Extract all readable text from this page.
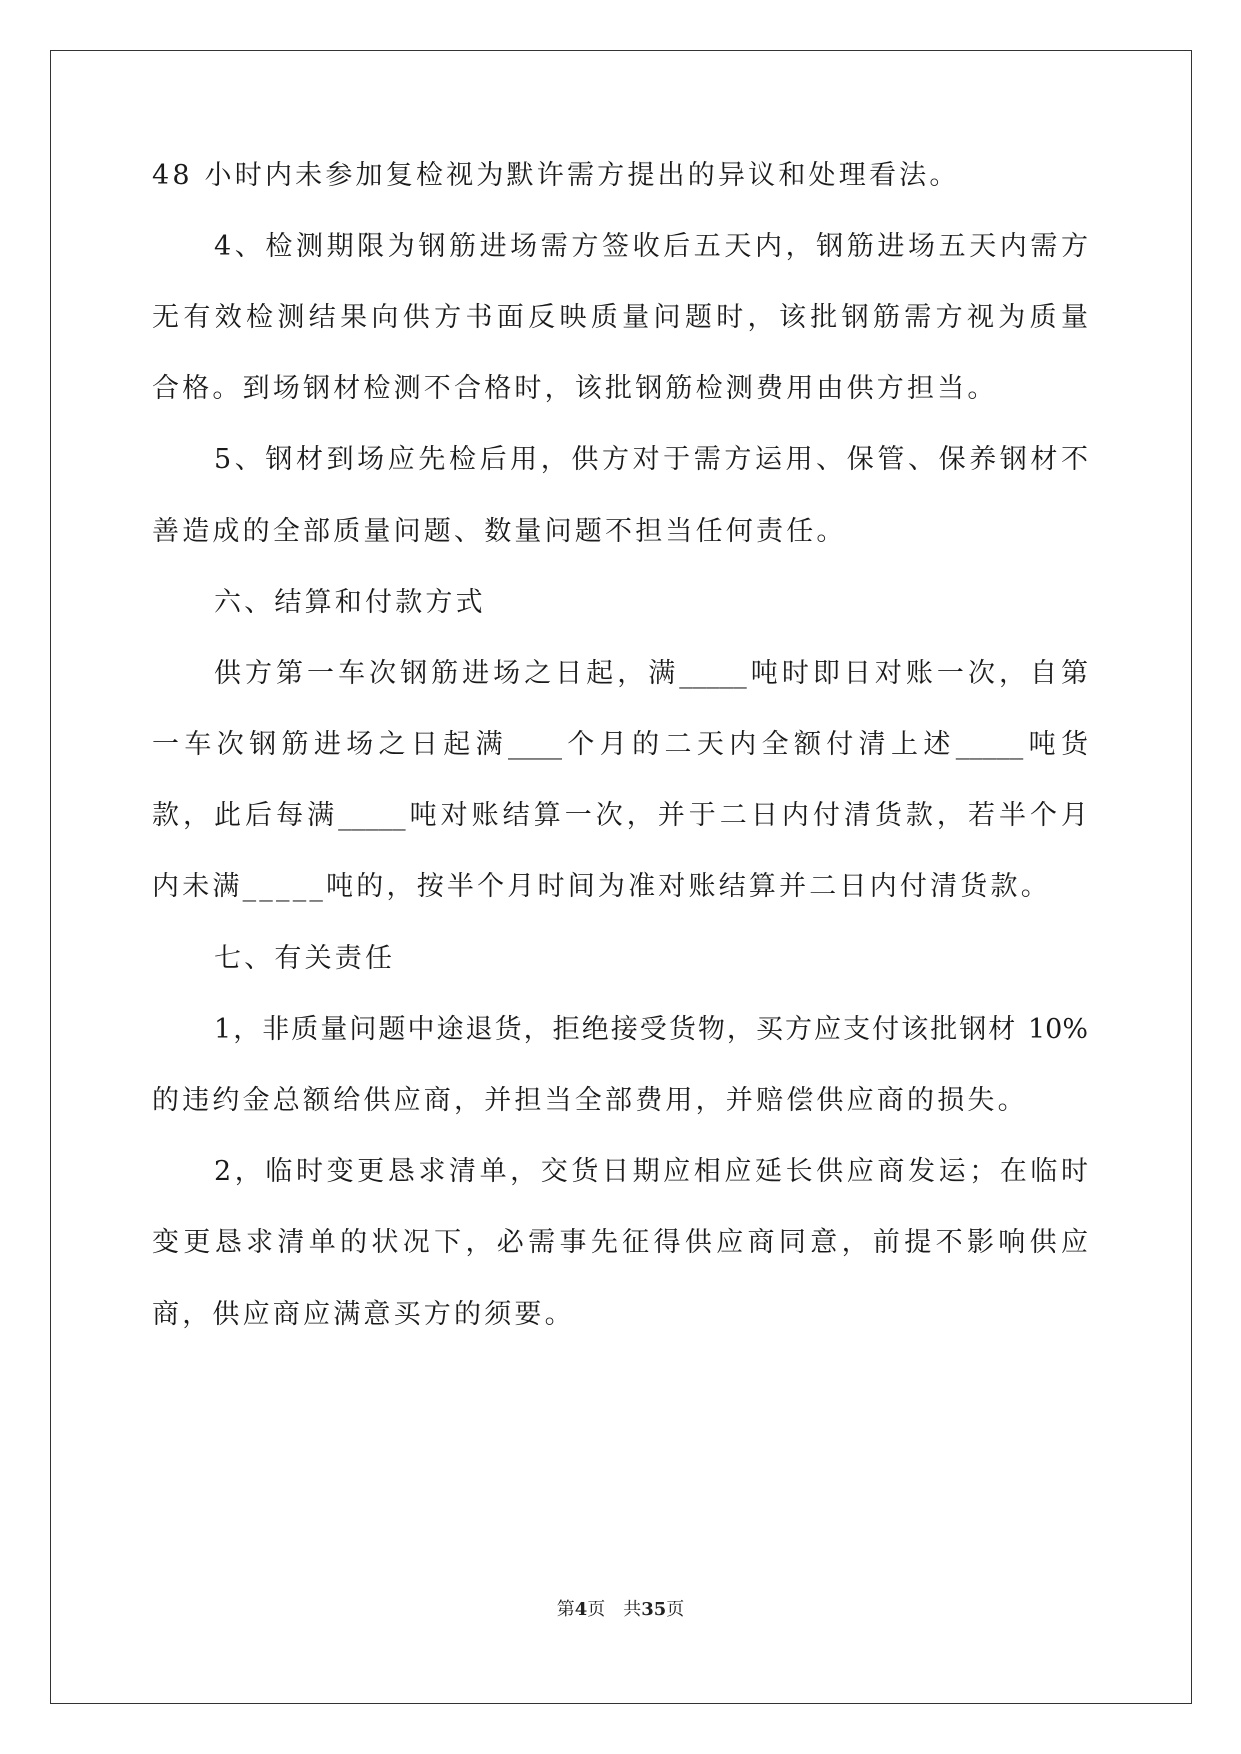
48 小时内未参加复检视为默许需方提出的异议和处理看法。
4、检测期限为钢筋进场需方签收后五天内，钢筋进场五天内需方
无有效检测结果向供方书面反映质量问题时，该批钢筋需方视为质量
合格。到场钢材检测不合格时，该批钢筋检测费用由供方担当。
5、钢材到场应先检后用，供方对于需方运用、保管、保养钢材不
善造成的全部质量问题、数量问题不担当任何责任。
六、结算和付款方式
供方第一车次钢筋进场之日起，满_____吨时即日对账一次，自第
一车次钢筋进场之日起满____个月的二天内全额付清上述_____吨货
款，此后每满_____吨对账结算一次，并于二日内付清货款，若半个月
内未满_____吨的，按半个月时间为准对账结算并二日内付清货款。
七、有关责任
1，非质量问题中途退货，拒绝接受货物，买方应支付该批钢材 10%
的违约金总额给供应商，并担当全部费用，并赔偿供应商的损失。
2，临时变更恳求清单，交货日期应相应延长供应商发运；在临时
变更恳求清单的状况下，必需事先征得供应商同意，前提不影响供应
商，供应商应满意买方的须要。
第4页 共35页
